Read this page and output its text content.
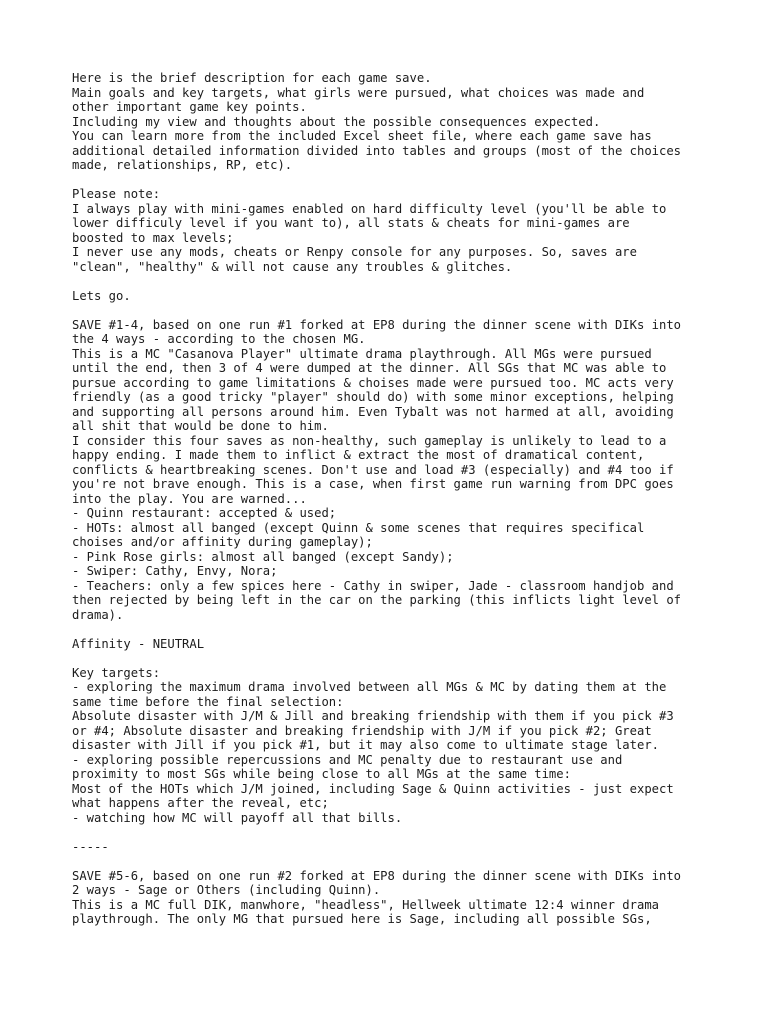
Here is the brief description for each game save.
Main goals and key targets, what girls were pursued, what choices was made and
other important game key points.
Including my view and thoughts about the possible consequences expected.
You can learn more from the included Excel sheet file, where each game save has
additional detailed information divided into tables and groups (most of the choices
made, relationships, RP, etc).
Please note:
I always play with mini-games enabled on hard difficulty level (you'll be able to
lower difficuly level if you want to), all stats & cheats for mini-games are
boosted to max levels;
I never use any mods, cheats or Renpy console for any purposes. So, saves are
"clean", "healthy" & will not cause any troubles & glitches.
Lets go.
SAVE #1-4, based on one run #1 forked at EP8 during the dinner scene with DIKs into
the 4 ways - according to the chosen MG.
This is a MC "Casanova Player" ultimate drama playthrough. All MGs were pursued
until the end, then 3 of 4 were dumped at the dinner. All SGs that MC was able to
pursue according to game limitations & choises made were pursued too. MC acts very
friendly (as a good tricky "player" should do) with some minor exceptions, helping
and supporting all persons around him. Even Tybalt was not harmed at all, avoiding
all shit that would be done to him.
I consider this four saves as non-healthy, such gameplay is unlikely to lead to a
happy ending. I made them to inflict & extract the most of dramatical content,
conflicts & heartbreaking scenes. Don't use and load #3 (especially) and #4 too if
you're not brave enough. This is a case, when first game run warning from DPC goes
into the play. You are warned...
- Quinn restaurant: accepted & used;
- HOTs: almost all banged (except Quinn & some scenes that requires specifical
choises and/or affinity during gameplay);
- Pink Rose girls: almost all banged (except Sandy);
- Swiper: Cathy, Envy, Nora;
- Teachers: only a few spices here - Cathy in swiper, Jade - classroom handjob and
then rejected by being left in the car on the parking (this inflicts light level of
drama).
Affinity - NEUTRAL
Key targets:
- exploring the maximum drama involved between all MGs & MC by dating them at the
same time before the final selection:
Absolute disaster with J/M & Jill and breaking friendship with them if you pick #3
or #4; Absolute disaster and breaking friendship with J/M if you pick #2; Great
disaster with Jill if you pick #1, but it may also come to ultimate stage later.
- exploring possible repercussions and MC penalty due to restaurant use and
proximity to most SGs while being close to all MGs at the same time:
Most of the HOTs which J/M joined, including Sage & Quinn activities - just expect
what happens after the reveal, etc;
- watching how MC will payoff all that bills.
-----
SAVE #5-6, based on one run #2 forked at EP8 during the dinner scene with DIKs into
2 ways - Sage or Others (including Quinn).
This is a MC full DIK, manwhore, "headless", Hellweek ultimate 12:4 winner drama
playthrough. The only MG that pursued here is Sage, including all possible SGs,
